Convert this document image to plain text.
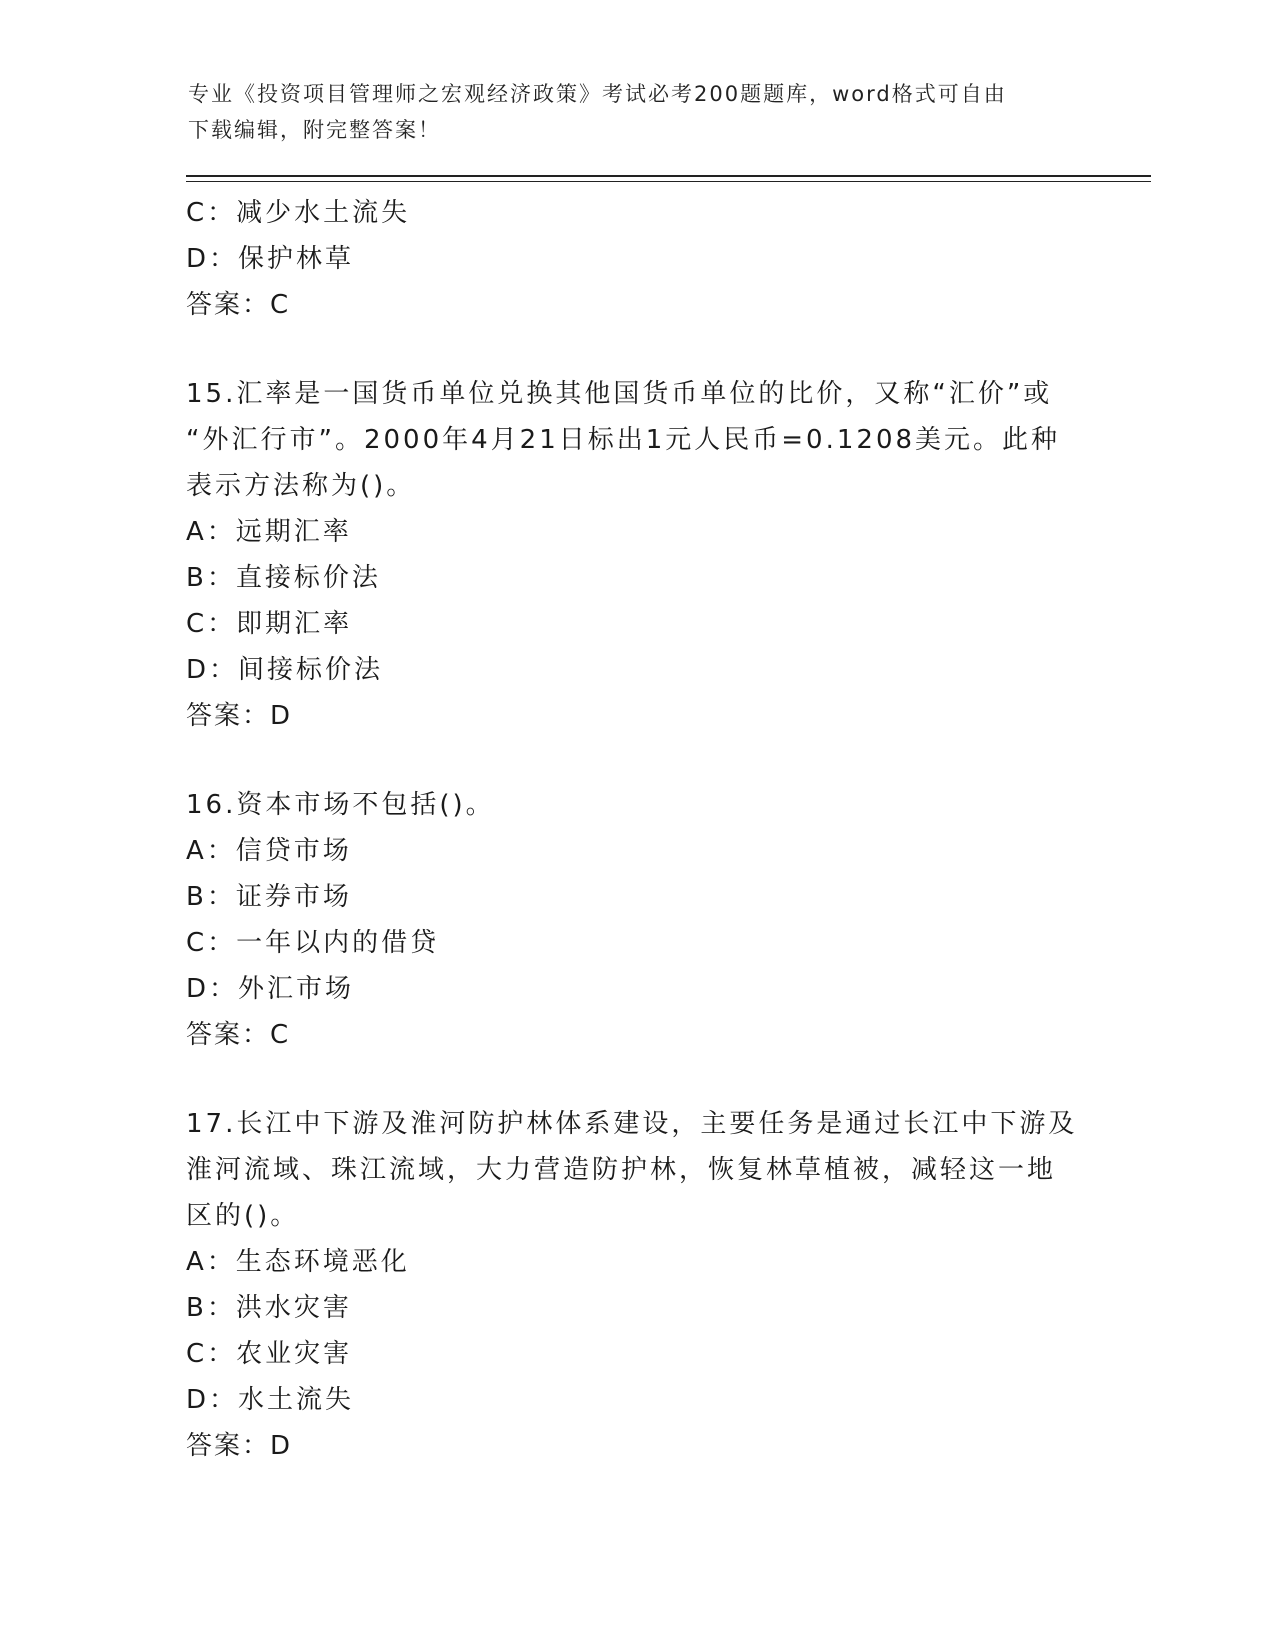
专业《投资项目管理师之宏观经济政策》考试必考200题题库，word格式可自由
下载编辑，附完整答案！
C：减少水土流失
D：保护林草
答案：C
15.汇率是一国货币单位兑换其他国货币单位的比价，又称“汇价”或
“外汇行市”。2000年4月21日标出1元人民币=0.1208美元。此种
表示方法称为()。
A：远期汇率
B：直接标价法
C：即期汇率
D：间接标价法
答案：D
16.资本市场不包括()。
A：信贷市场
B：证券市场
C：一年以内的借贷
D：外汇市场
答案：C
17.长江中下游及淮河防护林体系建设，主要任务是通过长江中下游及
淮河流域、珠江流域，大力营造防护林，恢复林草植被，减轻这一地
区的()。
A：生态环境恶化
B：洪水灾害
C：农业灾害
D：水土流失
答案：D
